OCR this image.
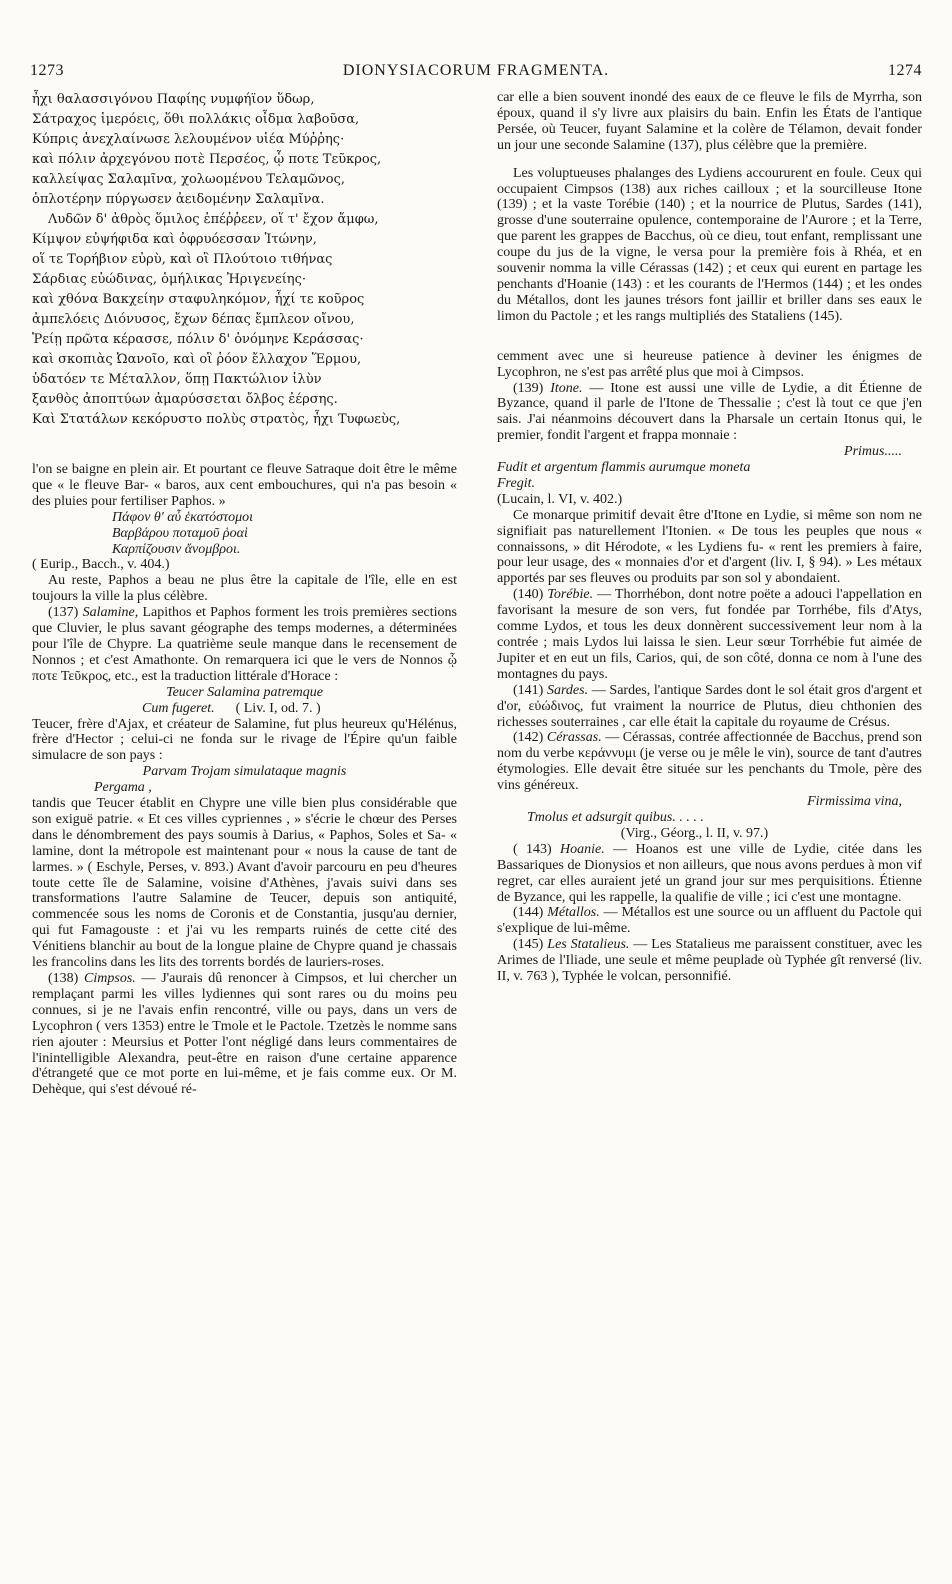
1273	DIONYSIACORUM FRAGMENTA.	1274

ἦχι θαλασσιγόνου Παφίης νυμφήϊον ὕδωρ,

Σάτραχος ἱμερόεις, ὅθι πολλάκις οἶδμα λαβοῦσα,

Κύπρις ἀνεχλαίνωσε λελουμένον υἱέα Μύῤῥης·

καὶ πόλιν ἀρχεγόνου ποτὲ Περσέος, ᾧ ποτε Τεῦκρος,

καλλείψας Σαλαμῖνα, χολωομένου Τελαμῶνος,

ὁπλοτέρην πύργωσεν ἀειδομένην Σαλαμῖνα.

Λυδῶν δ' ἀθρὸς ὅμιλος ἐπέῤῥεεν, οἵ τ' ἔχον ἄμφω,

Κίμψον εὐψήφιδα καὶ ὀφρυόεσσαν Ἰτώνην,

οἵ τε Τορήβιον εὐρὺ, καὶ οἳ Πλούτοιο τιθήνας

Σάρδιας εὐώδινας, ὁμήλικας Ἠριγενείης·

καὶ χθόνα Βακχείην σταφυληκόμον, ἧχί τε κοῦρος

ἀμπελόεις Διόνυσος, ἔχων δέπας ἔμπλεον οἴνου,

Ῥείῃ πρῶτα κέρασσε, πόλιν δ' ὀνόμηνε Κεράσσας·

καὶ σκοπιὰς Ὠανοῖο, καὶ οἳ ῥόον ἔλλαχον Ἕρμου,

ὑδατόεν τε Μέταλλον, ὅπῃ Πακτώλιον ἰλὺν

ξανθὸς ἀποπτύων ἀμαρύσσεται ὄλβος ἐέρσης.

Καὶ Στατάλων κεκόρυστο πολὺς στρατὸς, ἧχι Τυφωεὺς,

l'on se baigne en plein air. Et pourtant ce fleuve Satraque doit être le même que « le fleuve Bar- « baros, aux cent embouchures, qui n'a pas besoin « des pluies pour fertiliser Paphos. »

Πάφον θ' αὖ ἑκατόστομοι

Βαρβάρου ποταμοῦ ῥοαὶ

Καρπίζουσιν ἄνομβροι.

( Eurip., Bacch., v. 404.)

Au reste, Paphos a beau ne plus être la capitale de l'île, elle en est toujours la ville la plus célèbre.

(137) Salamine, Lapithos et Paphos forment les trois premières sections que Cluvier, le plus savant géographe des temps modernes, a déterminées pour l'île de Chypre. La quatrième seule manque dans le recensement de Nonnos ; et c'est Amathonte. On remarquera ici que le vers de Nonnos ᾧ ποτε Τεῦκρος, etc., est la traduction littérale d'Horace :

Teucer Salamina patremque

Cum fugeret. ( Liv. I, od. 7. )

Teucer, frère d'Ajax, et créateur de Salamine, fut plus heureux qu'Hélénus, frère d'Hector ; celui-ci ne fonda sur le rivage de l'Épire qu'un faible simulacre de son pays :

Parvam Trojam simulataque magnis

Pergama ,

tandis que Teucer établit en Chypre une ville bien plus considérable que son exiguë patrie. « Et ces villes cypriennes , » s'écrie le chœur des Perses dans le dénombrement des pays soumis à Darius, « Paphos, Soles et Sa- « lamine, dont la métropole est maintenant pour « nous la cause de tant de larmes. » ( Eschyle, Perses, v. 893.) Avant d'avoir parcouru en peu d'heures toute cette île de Salamine, voisine d'Athènes, j'avais suivi dans ses transformations l'autre Salamine de Teucer, depuis son antiquité, commencée sous les noms de Coronis et de Constantia, jusqu'au dernier, qui fut Famagouste : et j'ai vu les remparts ruinés de cette cité des Vénitiens blanchir au bout de la longue plaine de Chypre quand je chassais les francolins dans les lits des torrents bordés de lauriers-roses.

(138) Cimpsos. — J'aurais dû renoncer à Cimpsos, et lui chercher un remplaçant parmi les villes lydiennes qui sont rares ou du moins peu connues, si je ne l'avais enfin rencontré, ville ou pays, dans un vers de Lycophron ( vers 1353) entre le Tmole et le Pactole. Tzetzès le nomme sans rien ajouter : Meursius et Potter l'ont négligé dans leurs commentaires de l'inintelligible Alexandra, peut-être en raison d'une certaine apparence d'étrangeté que ce mot porte en lui-même, et je fais comme eux. Or M. Dehèque, qui s'est dévoué ré-

car elle a bien souvent inondé des eaux de ce fleuve le fils de Myrrha, son époux, quand il s'y livre aux plaisirs du bain. Enfin les États de l'antique Persée, où Teucer, fuyant Salamine et la colère de Télamon, devait fonder un jour une seconde Salamine (137), plus célèbre que la première.

Les voluptueuses phalanges des Lydiens accoururent en foule. Ceux qui occupaient Cimpsos (138) aux riches cailloux ; et la sourcilleuse Itone (139) ; et la vaste Torébie (140) ; et la nourrice de Plutus, Sardes (141), grosse d'une souterraine opulence, contemporaine de l'Aurore ; et la Terre, que parent les grappes de Bacchus, où ce dieu, tout enfant, remplissant une coupe du jus de la vigne, le versa pour la première fois à Rhéa, et en souvenir nomma la ville Cérassas (142) ; et ceux qui eurent en partage les penchants d'Hoanie (143) : et les courants de l'Hermos (144) ; et les ondes du Métallos, dont les jaunes trésors font jaillir et briller dans ses eaux le limon du Pactole ; et les rangs multipliés des Stataliens (145).

cemment avec une si heureuse patience à deviner les énigmes de Lycophron, ne s'est pas arrêté plus que moi à Cimpsos.

(139) Itone. — Itone est aussi une ville de Lydie, a dit Étienne de Byzance, quand il parle de l'Itone de Thessalie ; c'est là tout ce que j'en sais. J'ai néanmoins découvert dans la Pharsale un certain Itonus qui, le premier, fondit l'argent et frappa monnaie :

Primus.....

Fudit et argentum flammis aurumque moneta

Fregit.

(Lucain, l. VI, v. 402.)

Ce monarque primitif devait être d'Itone en Lydie, si même son nom ne signifiait pas naturellement l'Itonien. « De tous les peuples que nous « connaissons, » dit Hérodote, « les Lydiens fu- « rent les premiers à faire, pour leur usage, des « monnaies d'or et d'argent (liv. I, § 94). » Les métaux apportés par ses fleuves ou produits par son sol y abondaient.

(140) Torébie. — Thorrhébon, dont notre poëte a adouci l'appellation en favorisant la mesure de son vers, fut fondée par Torrhébe, fils d'Atys, comme Lydos, et tous les deux donnèrent successivement leur nom à la contrée ; mais Lydos lui laissa le sien. Leur sœur Torrhébie fut aimée de Jupiter et en eut un fils, Carios, qui, de son côté, donna ce nom à l'une des montagnes du pays.

(141) Sardes. — Sardes, l'antique Sardes dont le sol était gros d'argent et d'or, εὐώδινος, fut vraiment la nourrice de Plutus, dieu chthonien des richesses souterraines , car elle était la capitale du royaume de Crésus.

(142) Cérassas. — Cérassas, contrée affectionnée de Bacchus, prend son nom du verbe κεράννυμι (je verse ou je mêle le vin), source de tant d'autres étymologies. Elle devait être située sur les penchants du Tmole, père des vins généreux.

Firmissima vina,

Tmolus et adsurgit quibus. . . . .

(Virg., Géorg., l. II, v. 97.)

( 143) Hoanie. — Hoanos est une ville de Lydie, citée dans les Bassariques de Dionysios et non ailleurs, que nous avons perdues à mon vif regret, car elles auraient jeté un grand jour sur mes perquisitions. Étienne de Byzance, qui les rappelle, la qualifie de ville ; ici c'est une montagne.

(144) Métallos. — Métallos est une source ou un affluent du Pactole qui s'explique de lui-même.

(145) Les Statalieus. — Les Statalieus me paraissent constituer, avec les Arimes de l'Iliade, une seule et même peuplade où Typhée gît renversé (liv. II, v. 763 ), Typhée le volcan, personnifié.
